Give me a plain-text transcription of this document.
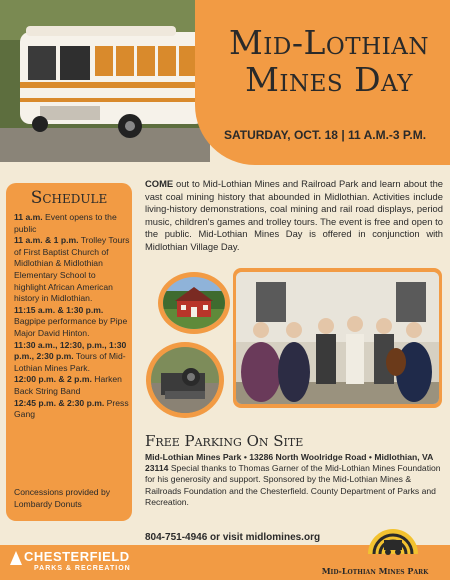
Mid-Lothian
Mines Day
SATURDAY, OCT. 18 | 11 A.M.-3 P.M.
Schedule
11 a.m. Event opens to the public
11 a.m. & 1 p.m. Trolley Tours of First Baptist Church of Midlothian & Midlothian Elementary School to highlight African American history in Midlothian.
11:15 a.m. & 1:30 p.m. Bagpipe performance by Pipe Major David Hinton.
11:30 a.m., 12:30, p.m., 1:30 p.m., 2:30 p.m. Tours of Mid-Lothian Mines Park.
12:00 p.m. & 2 p.m. Harken Back String Band
12:45 p.m. & 2:30 p.m. Press Gang
Concessions provided by Lombardy Donuts
COME out to Mid-Lothian Mines and Railroad Park and learn about the vast coal mining history that abounded in Midlothian. Activities include living-history demonstrations, coal mining and rail road displays, period music, children's games and trolley tours. The event is free and open to the public. Mid-Lothian Mines Day is offered in conjunction with Midlothian Village Day.
Free Parking On Site
Mid-Lothian Mines Park • 13286 North Woolridge Road • Midlothian, VA 23114 Special thanks to Thomas Garner of the Mid-Lothian Mines Foundation for his generosity and support. Sponsored by the Mid-Lothian Mines & Railroads Foundation and the Chesterfield. County Department of Parks and Recreation.
804-751-4946 or visit midlomines.org
CHESTERFIELD
PARKS & RECREATION	Mid-Lothian Mines Park
